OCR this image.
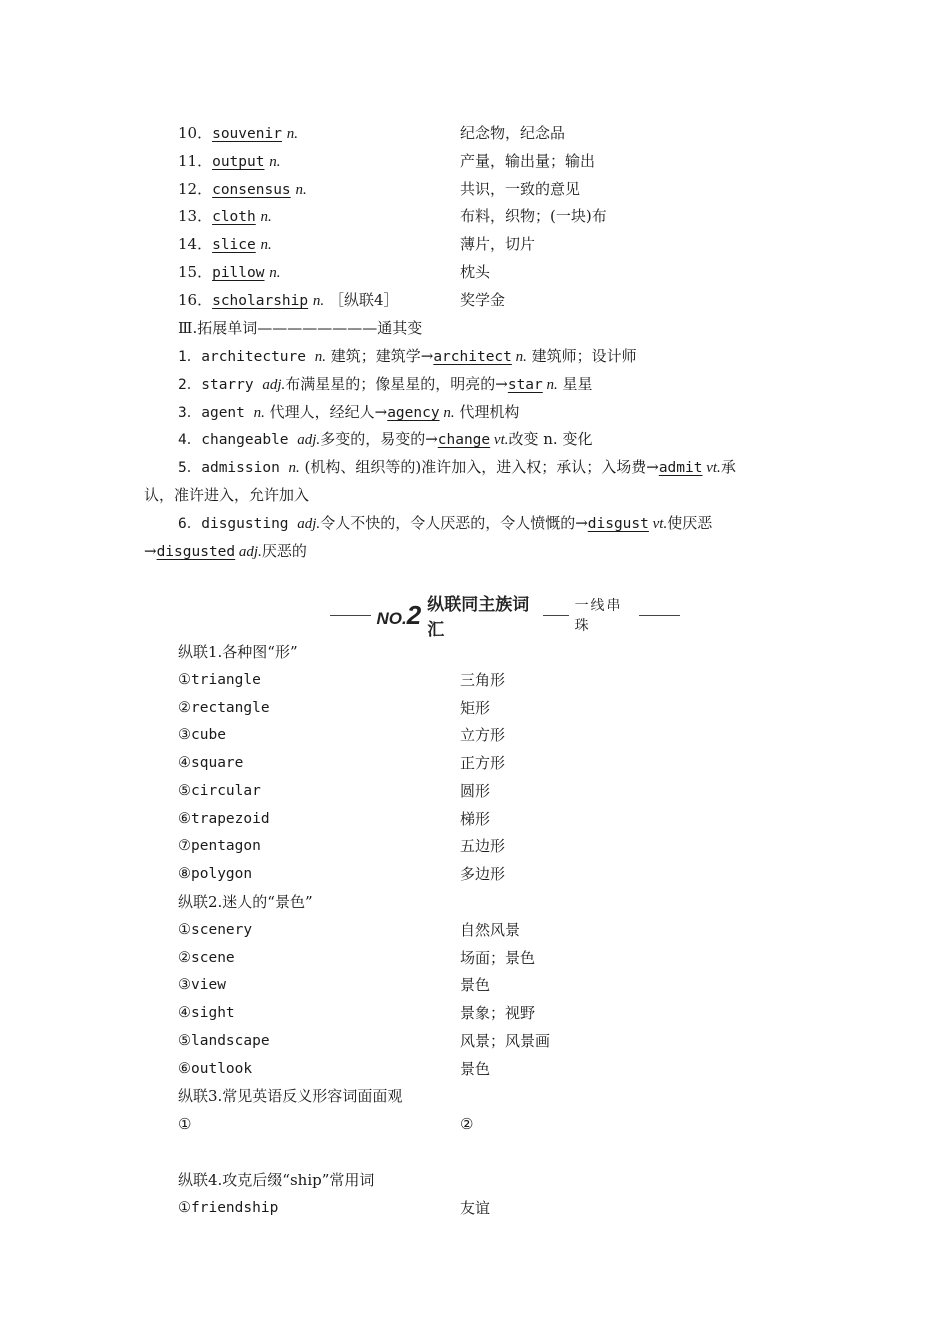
10．souvenir n.	纪念物，纪念品
11．output n.	产量，输出量；输出
12．consensus n.	共识，一致的意见
13．cloth n.	布料，织物；(一块)布
14．slice n.	薄片，切片
15．pillow n.	枕头
16．scholarship n. ［纵联4］	奖学金
Ⅲ.拓展单词————————通其变
1．architecture n. 建筑；建筑学→architect n. 建筑师；设计师
2．starry adj.布满星星的；像星星的，明亮的→star n. 星星
3．agent n. 代理人，经纪人→agency n. 代理机构
4．changeable adj.多变的，易变的→change vt.改变 n. 变化
5．admission n. (机构、组织等的)准许加入，进入权；承认；入场费→admit vt.承
认，准许进入，允许加入
6．disgusting adj.令人不快的，令人厌恶的，令人愤慨的→disgust vt.使厌恶
→disgusted adj.厌恶的
NO.2 纵联同主族词汇
一线串珠
纵联1.各种图“形”
①triangle	三角形
②rectangle	矩形
③cube	立方形
④square	正方形
⑤circular	圆形
⑥trapezoid	梯形
⑦pentagon	五边形
⑧polygon	多边形
纵联2.迷人的“景色”
①scenery	自然风景
②scene	场面；景色
③view	景色
④sight	景象；视野
⑤landscape	风景；风景画
⑥outlook	景色
纵联3.常见英语反义形容词面面观
①	②
纵联4.攻克后缀“ship”常用词
①friendship	友谊
